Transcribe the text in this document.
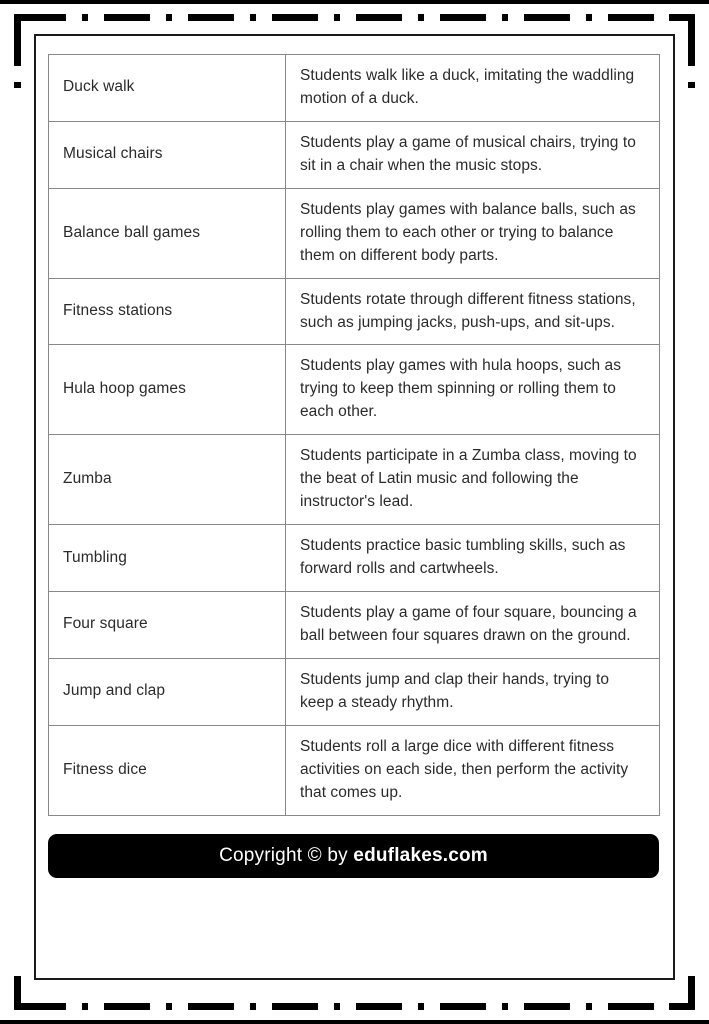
Duck walk	Students walk like a duck, imitating the waddling motion of a duck.
Musical chairs	Students play a game of musical chairs, trying to sit in a chair when the music stops.
Balance ball games	Students play games with balance balls, such as rolling them to each other or trying to balance them on different body parts.
Fitness stations	Students rotate through different fitness stations, such as jumping jacks, push-ups, and sit-ups.
Hula hoop games	Students play games with hula hoops, such as trying to keep them spinning or rolling them to each other.
Zumba	Students participate in a Zumba class, moving to the beat of Latin music and following the instructor's lead.
Tumbling	Students practice basic tumbling skills, such as forward rolls and cartwheels.
Four square	Students play a game of four square, bouncing a ball between four squares drawn on the ground.
Jump and clap	Students jump and clap their hands, trying to keep a steady rhythm.
Fitness dice	Students roll a large dice with different fitness activities on each side, then perform the activity that comes up.
Copyright © by eduflakes.com
